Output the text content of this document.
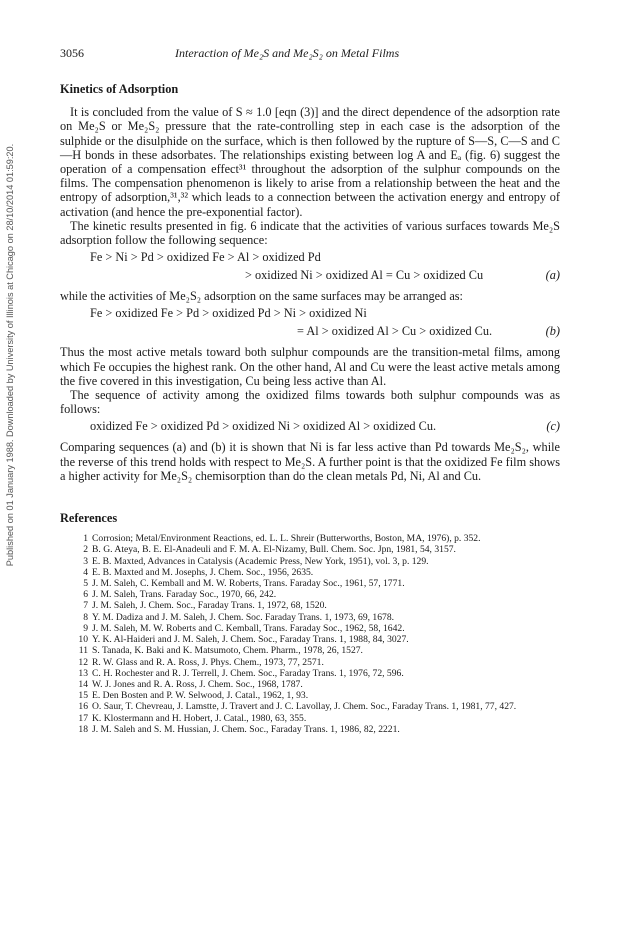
Published on 01 January 1988. Downloaded by University of Illinois at Chicago on 28/10/2014 01:59:20.
3056	Interaction of Me₂S and Me₂S₂ on Metal Films
Kinetics of Adsorption

It is concluded from the value of S ≈ 1.0 [eqn (3)] and the direct dependence of the adsorption rate on Me₂S or Me₂S₂ pressure that the rate-controlling step in each case is the adsorption of the sulphide or the disulphide on the surface, which is then followed by the rupture of S—S, C—S and C—H bonds in these adsorbates. The relationships existing between log A and Eₐ (fig. 6) suggest the operation of a compensation effect³¹ throughout the adsorption of the sulphur compounds on the films. The compensation phenomenon is likely to arise from a relationship between the heat and the entropy of adsorption,³¹,³² which leads to a connection between the activation energy and entropy of activation (and hence the pre-exponential factor).

The kinetic results presented in fig. 6 indicate that the activities of various surfaces towards Me₂S adsorption follow the following sequence:

Fe > Ni > Pd > oxidized Fe > Al > oxidized Pd
> oxidized Ni > oxidized Al = Cu > oxidized Cu	(a)

while the activities of Me₂S₂ adsorption on the same surfaces may be arranged as:

Fe > oxidized Fe > Pd > oxidized Pd > Ni > oxidized Ni
= Al > oxidized Al > Cu > oxidized Cu.	(b)

Thus the most active metals toward both sulphur compounds are the transition-metal films, among which Fe occupies the highest rank. On the other hand, Al and Cu were the least active metals among the five covered in this investigation, Cu being less active than Al.

The sequence of activity among the oxidized films towards both sulphur compounds was as follows:

oxidized Fe > oxidized Pd > oxidized Ni > oxidized Al > oxidized Cu.	(c)

Comparing sequences (a) and (b) it is shown that Ni is far less active than Pd towards Me₂S₂, while the reverse of this trend holds with respect to Me₂S. A further point is that the oxidized Fe film shows a higher activity for Me₂S₂ chemisorption than do the clean metals Pd, Ni, Al and Cu.

References
1 Corrosion; Metal/Environment Reactions, ed. L. L. Shreir (Butterworths, Boston, MA, 1976), p. 352.
2 B. G. Ateya, B. E. El-Anadeuli and F. M. A. El-Nizamy, Bull. Chem. Soc. Jpn, 1981, 54, 3157.
3 E. B. Maxted, Advances in Catalysis (Academic Press, New York, 1951), vol. 3, p. 129.
4 E. B. Maxted and M. Josephs, J. Chem. Soc., 1956, 2635.
5 J. M. Saleh, C. Kemball and M. W. Roberts, Trans. Faraday Soc., 1961, 57, 1771.
6 J. M. Saleh, Trans. Faraday Soc., 1970, 66, 242.
7 J. M. Saleh, J. Chem. Soc., Faraday Trans. 1, 1972, 68, 1520.
8 Y. M. Dadiza and J. M. Saleh, J. Chem. Soc. Faraday Trans. 1, 1973, 69, 1678.
9 J. M. Saleh, M. W. Roberts and C. Kemball, Trans. Faraday Soc., 1962, 58, 1642.
10 Y. K. Al-Haideri and J. M. Saleh, J. Chem. Soc., Faraday Trans. 1, 1988, 84, 3027.
11 S. Tanada, K. Baki and K. Matsumoto, Chem. Pharm., 1978, 26, 1527.
12 R. W. Glass and R. A. Ross, J. Phys. Chem., 1973, 77, 2571.
13 C. H. Rochester and R. J. Terrell, J. Chem. Soc., Faraday Trans. 1, 1976, 72, 596.
14 W. J. Jones and R. A. Ross, J. Chem. Soc., 1968, 1787.
15 E. Den Bosten and P. W. Selwood, J. Catal., 1962, 1, 93.
16 O. Saur, T. Chevreau, J. Lamstte, J. Travert and J. C. Lavollay, J. Chem. Soc., Faraday Trans. 1, 1981, 77, 427.
17 K. Klostermann and H. Hobert, J. Catal., 1980, 63, 355.
18 J. M. Saleh and S. M. Hussian, J. Chem. Soc., Faraday Trans. 1, 1986, 82, 2221.
